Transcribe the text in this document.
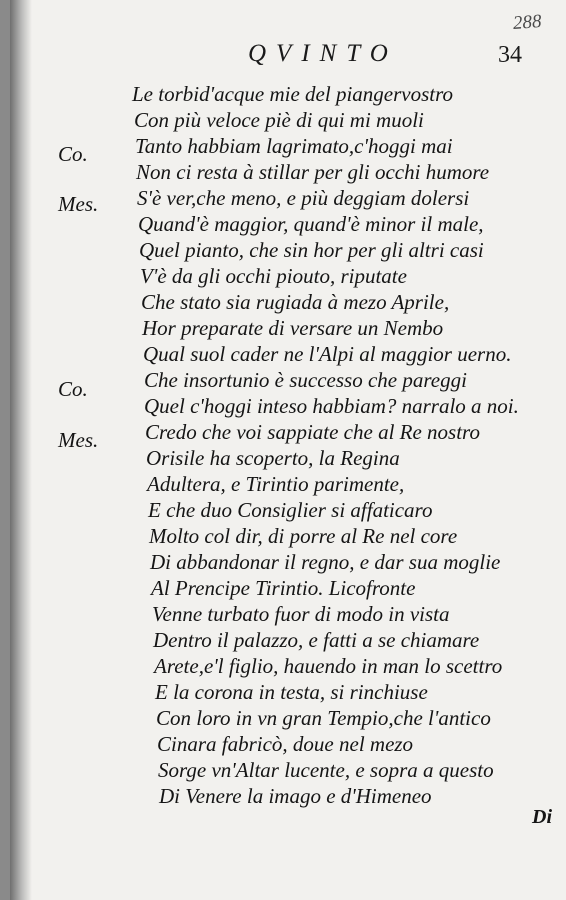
288
QVINTO	34
Co.
Mes.
Co.
Mes.
Le torbid'acque mie del piangervostro
Con più veloce piè di qui mi muoli
Tanto habbiam lagrimato,c'hoggi mai
Non ci resta à stillar per gli occhi humore
S'è ver,che meno, e più deggiam dolersi
Quand'è maggior, quand'è minor il male,
Quel pianto, che sin hor per gli altri casi
V'è da gli occhi piouto, riputate
Che stato sia rugiada à mezo Aprile,
Hor preparate di versare un Nembo
Qual suol cader ne l'Alpi al maggior uerno.
Che insortunio è successo che pareggi
Quel c'hoggi inteso habbiam? narralo a noi.
Credo che voi sappiate che al Re nostro
Orisile ha scoperto, la Regina
Adultera, e Tirintio parimente,
E che duo Consiglier si affaticaro
Molto col dir, di porre al Re nel core
Di abbandonar il regno, e dar sua moglie
Al Prencipe Tirintio. Licofronte
Venne turbato fuor di modo in vista
Dentro il palazzo, e fatti a se chiamare
Arete,e'l figlio, hauendo in man lo scettro
E la corona in testa, si rinchiuse
Con loro in vn gran Tempio,che l'antico
Cinara fabricò, doue nel mezo
Sorge vn'Altar lucente, e sopra a questo
Di Venere la imago e d'Himeneo
Di
